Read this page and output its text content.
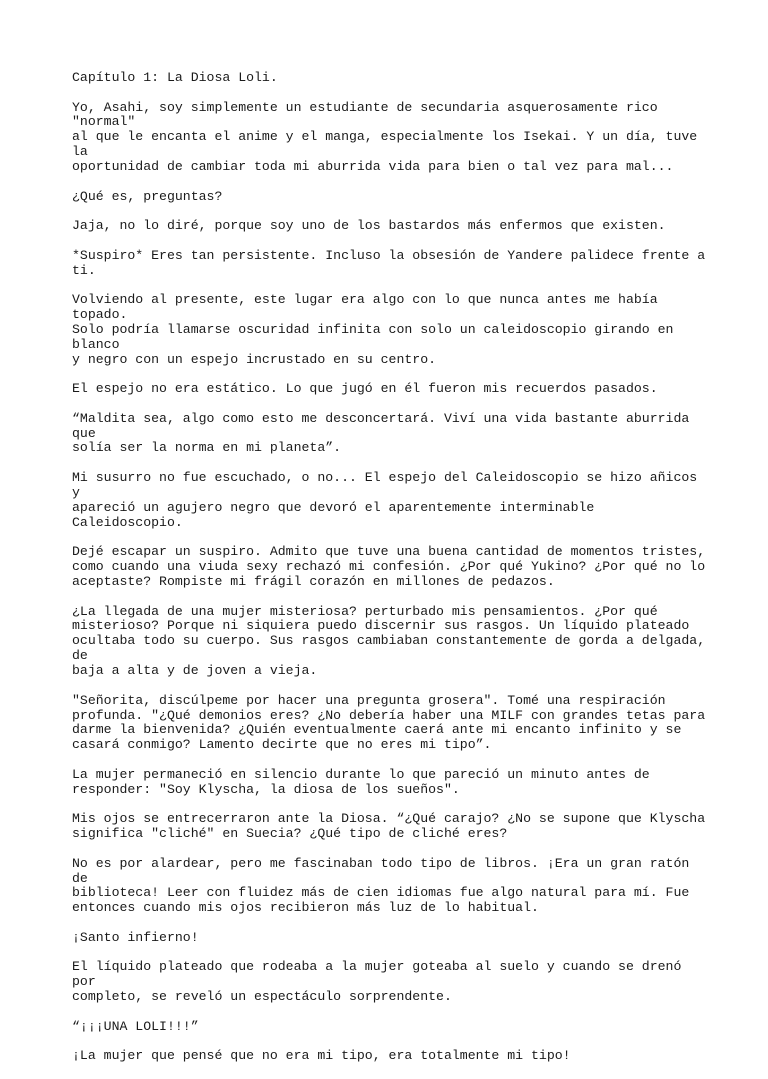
Capítulo 1: La Diosa Loli.

Yo, Asahi, soy simplemente un estudiante de secundaria asquerosamente rico "normal"
al que le encanta el anime y el manga, especialmente los Isekai. Y un día, tuve la
oportunidad de cambiar toda mi aburrida vida para bien o tal vez para mal...

¿Qué es, preguntas?

Jaja, no lo diré, porque soy uno de los bastardos más enfermos que existen.

*Suspiro* Eres tan persistente. Incluso la obsesión de Yandere palidece frente a
ti.

Volviendo al presente, este lugar era algo con lo que nunca antes me había topado.
Solo podría llamarse oscuridad infinita con solo un caleidoscopio girando en blanco
y negro con un espejo incrustado en su centro.

El espejo no era estático. Lo que jugó en él fueron mis recuerdos pasados.

“Maldita sea, algo como esto me desconcertará. Viví una vida bastante aburrida que
solía ser la norma en mi planeta”.

Mi susurro no fue escuchado, o no... El espejo del Caleidoscopio se hizo añicos y
apareció un agujero negro que devoró el aparentemente interminable Caleidoscopio.

Dejé escapar un suspiro. Admito que tuve una buena cantidad de momentos tristes,
como cuando una viuda sexy rechazó mi confesión. ¿Por qué Yukino? ¿Por qué no lo
aceptaste? Rompiste mi frágil corazón en millones de pedazos.

¿La llegada de una mujer misteriosa? perturbado mis pensamientos. ¿Por qué
misterioso? Porque ni siquiera puedo discernir sus rasgos. Un líquido plateado
ocultaba todo su cuerpo. Sus rasgos cambiaban constantemente de gorda a delgada, de
baja a alta y de joven a vieja.

"Señorita, discúlpeme por hacer una pregunta grosera". Tomé una respiración
profunda. "¿Qué demonios eres? ¿No debería haber una MILF con grandes tetas para
darme la bienvenida? ¿Quién eventualmente caerá ante mi encanto infinito y se
casará conmigo? Lamento decirte que no eres mi tipo”.

La mujer permaneció en silencio durante lo que pareció un minuto antes de
responder: "Soy Klyscha, la diosa de los sueños".

Mis ojos se entrecerraron ante la Diosa. “¿Qué carajo? ¿No se supone que Klyscha
significa "cliché" en Suecia? ¿Qué tipo de cliché eres?

No es por alardear, pero me fascinaban todo tipo de libros. ¡Era un gran ratón de
biblioteca! Leer con fluidez más de cien idiomas fue algo natural para mí. Fue
entonces cuando mis ojos recibieron más luz de lo habitual.

¡Santo infierno!

El líquido plateado que rodeaba a la mujer goteaba al suelo y cuando se drenó por
completo, se reveló un espectáculo sorprendente.

“¡¡¡UNA LOLI!!!”

¡La mujer que pensé que no era mi tipo, era totalmente mi tipo!
